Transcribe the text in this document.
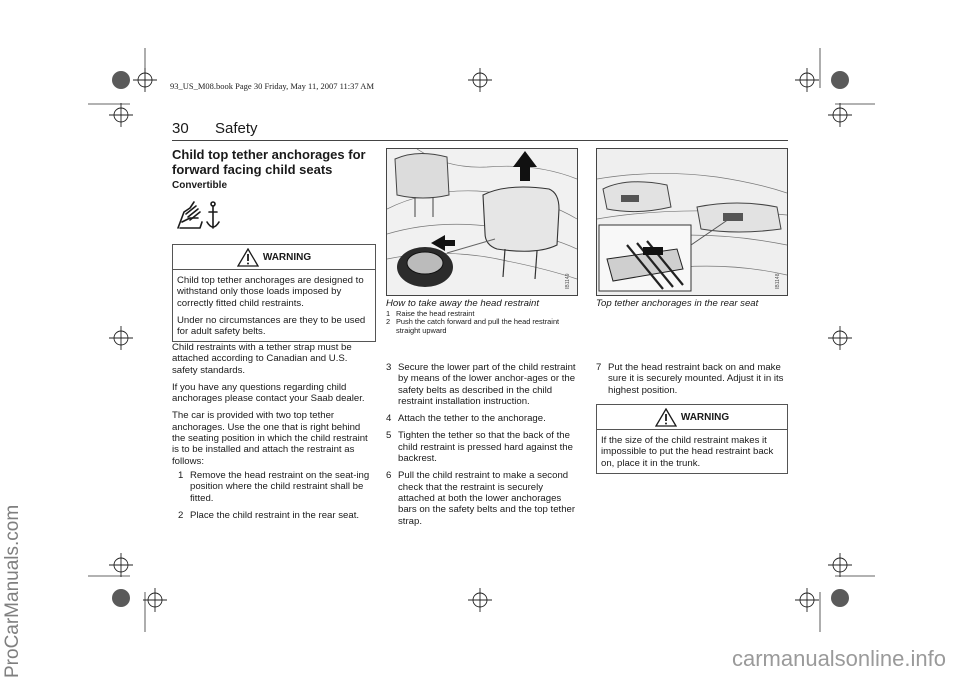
93_US_M08.book Page 30 Friday, May 11, 2007 11:37 AM
30 Safety
ProCarManuals.com
Child top tether anchorages for forward facing child seats
Convertible
WARNING

Child top tether anchorages are designed to withstand only those loads imposed by correctly fitted child restraints.

Under no circumstances are they to be used for adult safety belts.

Child restraints with a tether strap must be attached according to Canadian and U.S. safety standards.

If you have any questions regarding child anchorages please contact your Saab dealer.

The car is provided with two top tether anchorages. Use the one that is right behind the seating position in which the child restraint is to be installed and attach the restraint as follows:

1 Remove the head restraint on the seat-ing position where the child restraint shall be fitted.
2 Place the child restraint in the rear seat.
IB1149
How to take away the head restraint
1 Raise the head restraint
2 Push the catch forward and pull the head restraint straight upward
3 Secure the lower part of the child restraint by means of the lower anchor-ages or the safety belts as described in the child restraint installation instruction.
4 Attach the tether to the anchorage.
5 Tighten the tether so that the back of the child restraint is pressed hard against the backrest.
6 Pull the child restraint to make a second check that the restraint is securely attached at both the lower anchorages bars on the safety belts and the top tether strap.
IB1148
Top tether anchorages in the rear seat
7 Put the head restraint back on and make sure it is securely mounted. Adjust it in its highest position.
WARNING

If the size of the child restraint makes it impossible to put the head restraint back on, place it in the trunk.

carmanualsonline.info
